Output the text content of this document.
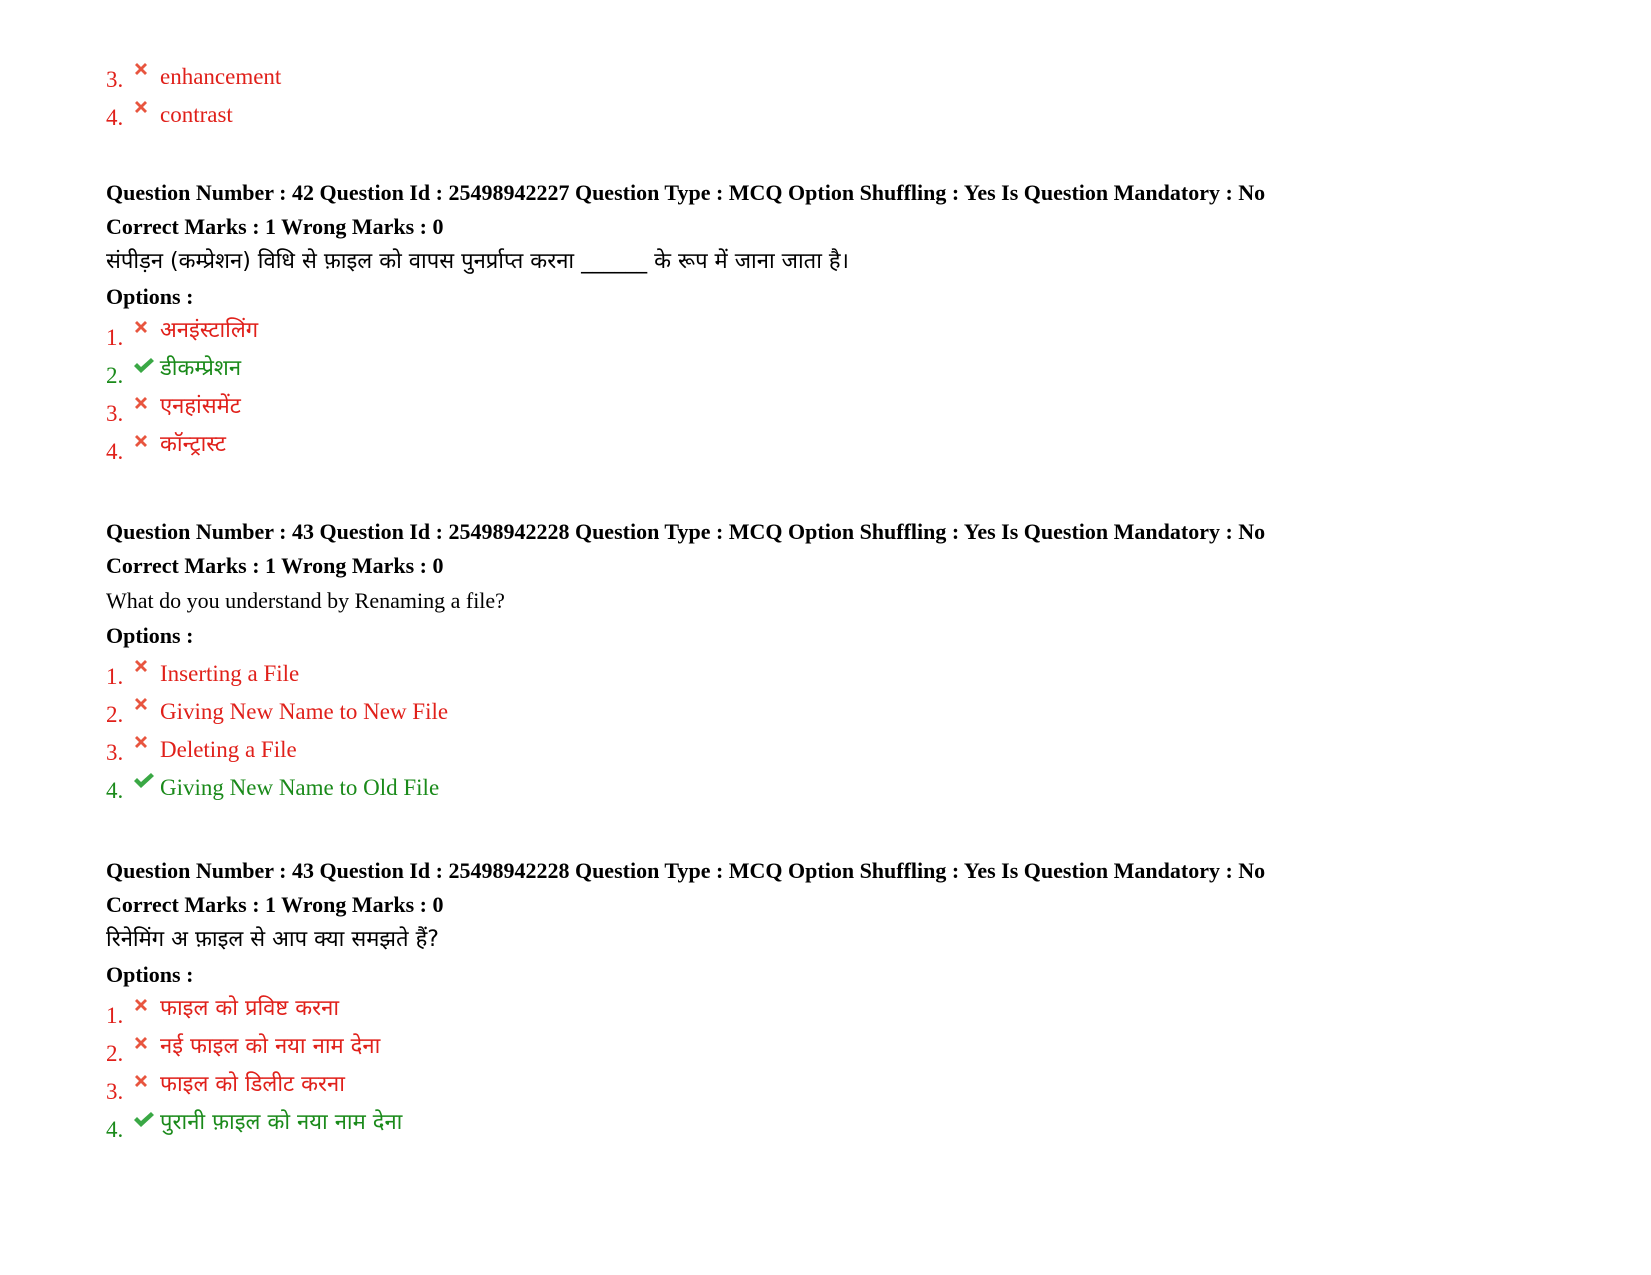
3. enhancement
4. contrast
Question Number : 42 Question Id : 25498942227 Question Type : MCQ Option Shuffling : Yes Is Question Mandatory : No
Correct Marks : 1 Wrong Marks : 0
संपीड़न (कम्प्रेशन) विधि से फ़ाइल को वापस पुनर्प्राप्त करना ______ के रूप में जाना जाता है।
Options :
1.	अनइंस्टालिंग
2.	डीकम्प्रेशन
3.	एनहांसमेंट
4.	कॉन्ट्रास्ट
Question Number : 43 Question Id : 25498942228 Question Type : MCQ Option Shuffling : Yes Is Question Mandatory : No
Correct Marks : 1 Wrong Marks : 0
What do you understand by Renaming a file?
Options :
1. Inserting a File
2. Giving New Name to New File
3. Deleting a File
4. Giving New Name to Old File
Question Number : 43 Question Id : 25498942228 Question Type : MCQ Option Shuffling : Yes Is Question Mandatory : No
Correct Marks : 1 Wrong Marks : 0
रिनेमिंग अ फ़ाइल से आप क्या समझते हैं?
Options :
1.	फाइल को प्रविष्ट करना
2.	नई फाइल को नया नाम देना
3.	फाइल को डिलीट करना
4.	पुरानी फ़ाइल को नया नाम देना
